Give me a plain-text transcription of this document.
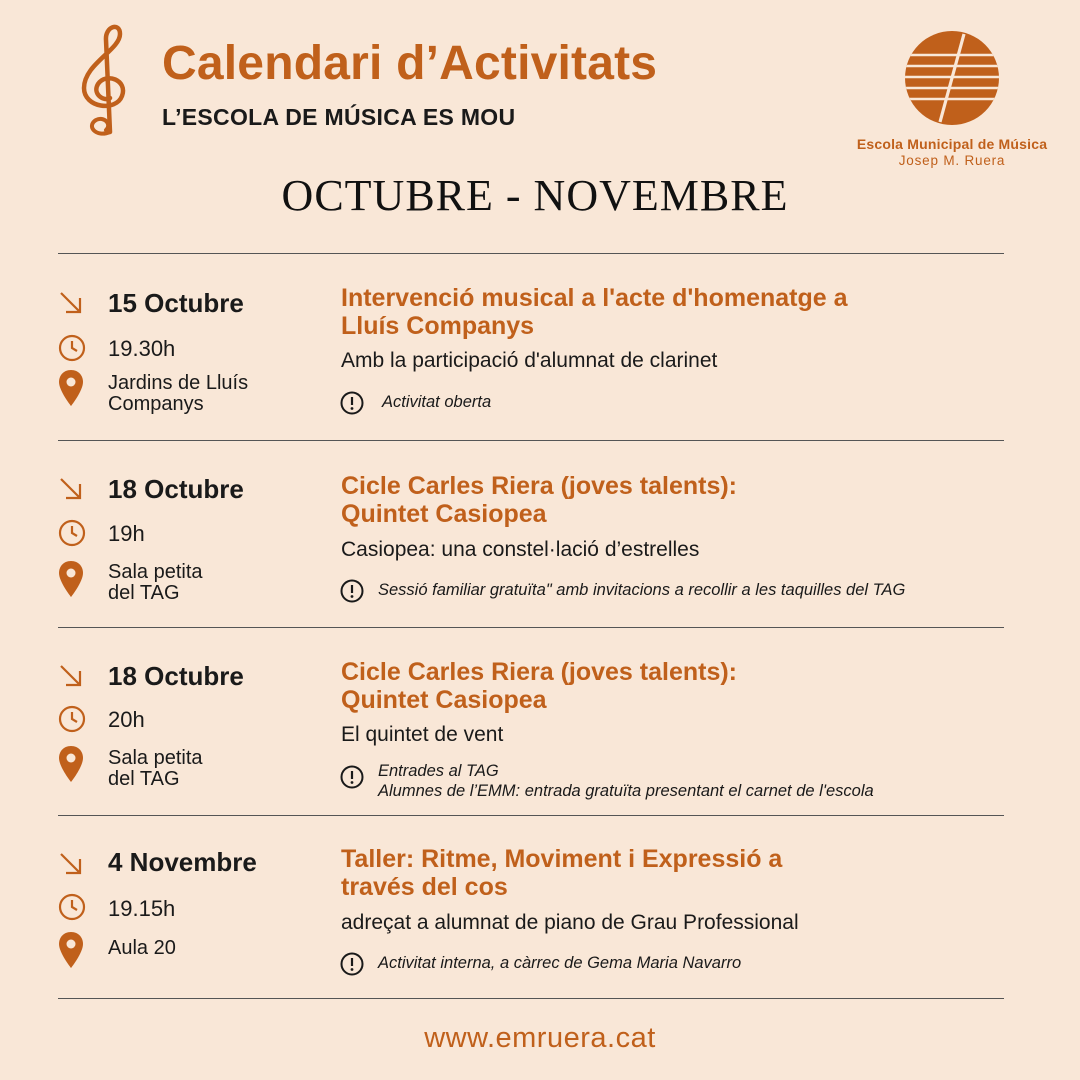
Calendari d’Activitats
L’ESCOLA DE MÚSICA ES MOU
Escola Municipal de Música
Josep M. Ruera
OCTUBRE - NOVEMBRE
15 Octubre
19.30h
Jardins de Lluís
Companys
Intervenció musical a l'acte d'homenatge a
Lluís Companys
Amb la participació d'alumnat de clarinet
Activitat oberta
18 Octubre
19h
Sala petita
del TAG
Cicle Carles Riera (joves talents):
Quintet Casiopea
Casiopea: una constel·lació d’estrelles
Sessió familiar gratuïta" amb invitacions a recollir a les taquilles del TAG
18 Octubre
20h
Sala petita
del TAG
Cicle Carles Riera (joves talents):
Quintet Casiopea
El quintet de vent
Entrades al TAG
Alumnes de l’EMM: entrada gratuïta presentant el carnet de l'escola
4 Novembre
19.15h
Aula 20
Taller: Ritme, Moviment i Expressió a
través del cos
adreçat a alumnat de piano de Grau Professional
Activitat interna, a càrrec de Gema Maria Navarro
www.emruera.cat
